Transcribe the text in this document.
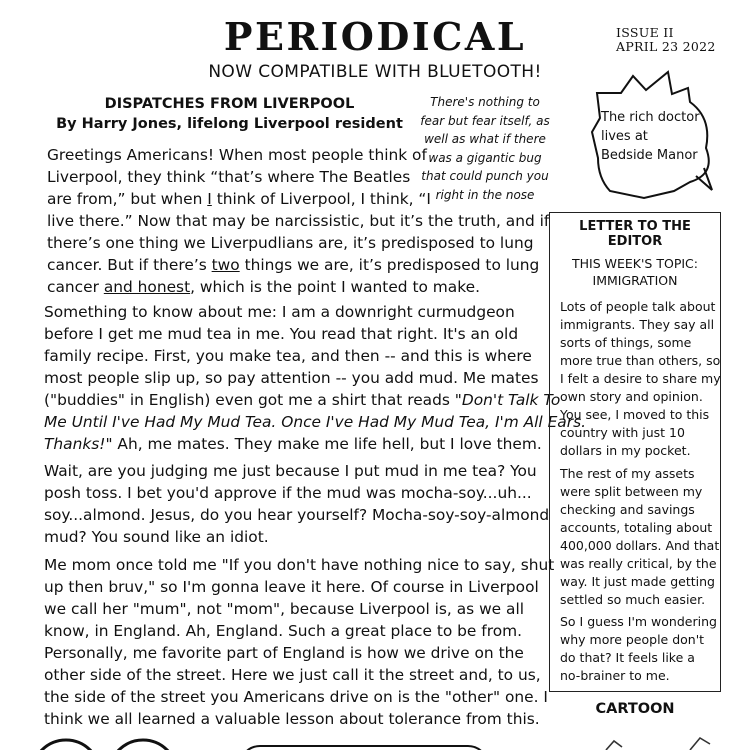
PERIODICAL
NOW COMPATIBLE WITH BLUETOOTH!
ISSUE II
APRIL 23 2022
DISPATCHES FROM LIVERPOOL
By Harry Jones, lifelong Liverpool resident
There's nothing to
fear but fear itself, as
well as what if there
was a gigantic bug
that could punch you
right in the nose
The rich doctor
lives at
Bedside Manor
Greetings Americans! When most people think of
Liverpool, they think “that’s where The Beatles
are from,” but when I think of Liverpool, I think, “I
live there.” Now that may be narcissistic, but it’s the truth, and if
there’s one thing we Liverpudlians are, it’s predisposed to lung
cancer. But if there’s two things we are, it’s predisposed to lung
cancer and honest, which is the point I wanted to make.
Something to know about me: I am a downright curmudgeon
before I get me mud tea in me. You read that right. It's an old
family recipe. First, you make tea, and then -- and this is where
most people slip up, so pay attention -- you add mud. Me mates
("buddies" in English) even got me a shirt that reads "Don't Talk To
Me Until I've Had My Mud Tea. Once I've Had My Mud Tea, I'm All Ears.
Thanks!" Ah, me mates. They make me life hell, but I love them.
Wait, are you judging me just because I put mud in me tea? You
posh toss. I bet you'd approve if the mud was mocha-soy...uh...
soy...almond. Jesus, do you hear yourself? Mocha-soy-soy-almond
mud? You sound like an idiot.
Me mom once told me "If you don't have nothing nice to say, shut
up then bruv," so I'm gonna leave it here. Of course in Liverpool
we call her "mum", not "mom", because Liverpool is, as we all
know, in England. Ah, England. Such a great place to be from.
Personally, me favorite part of England is how we drive on the
other side of the street. Here we just call it the street and, to us,
the side of the street you Americans drive on is the "other" one. I
think we all learned a valuable lesson about tolerance from this.
LETTER TO THE
EDITOR
THIS WEEK'S TOPIC:
IMMIGRATION
Lots of people talk about
immigrants. They say all
sorts of things, some
more true than others, so
I felt a desire to share my
own story and opinion.
You see, I moved to this
country with just 10
dollars in my pocket.
The rest of my assets
were split between my
checking and savings
accounts, totaling about
400,000 dollars. And that
was really critical, by the
way. It just made getting
settled so much easier.
So I guess I'm wondering
why more people don't
do that? It feels like a
no-brainer to me.
CARTOON
